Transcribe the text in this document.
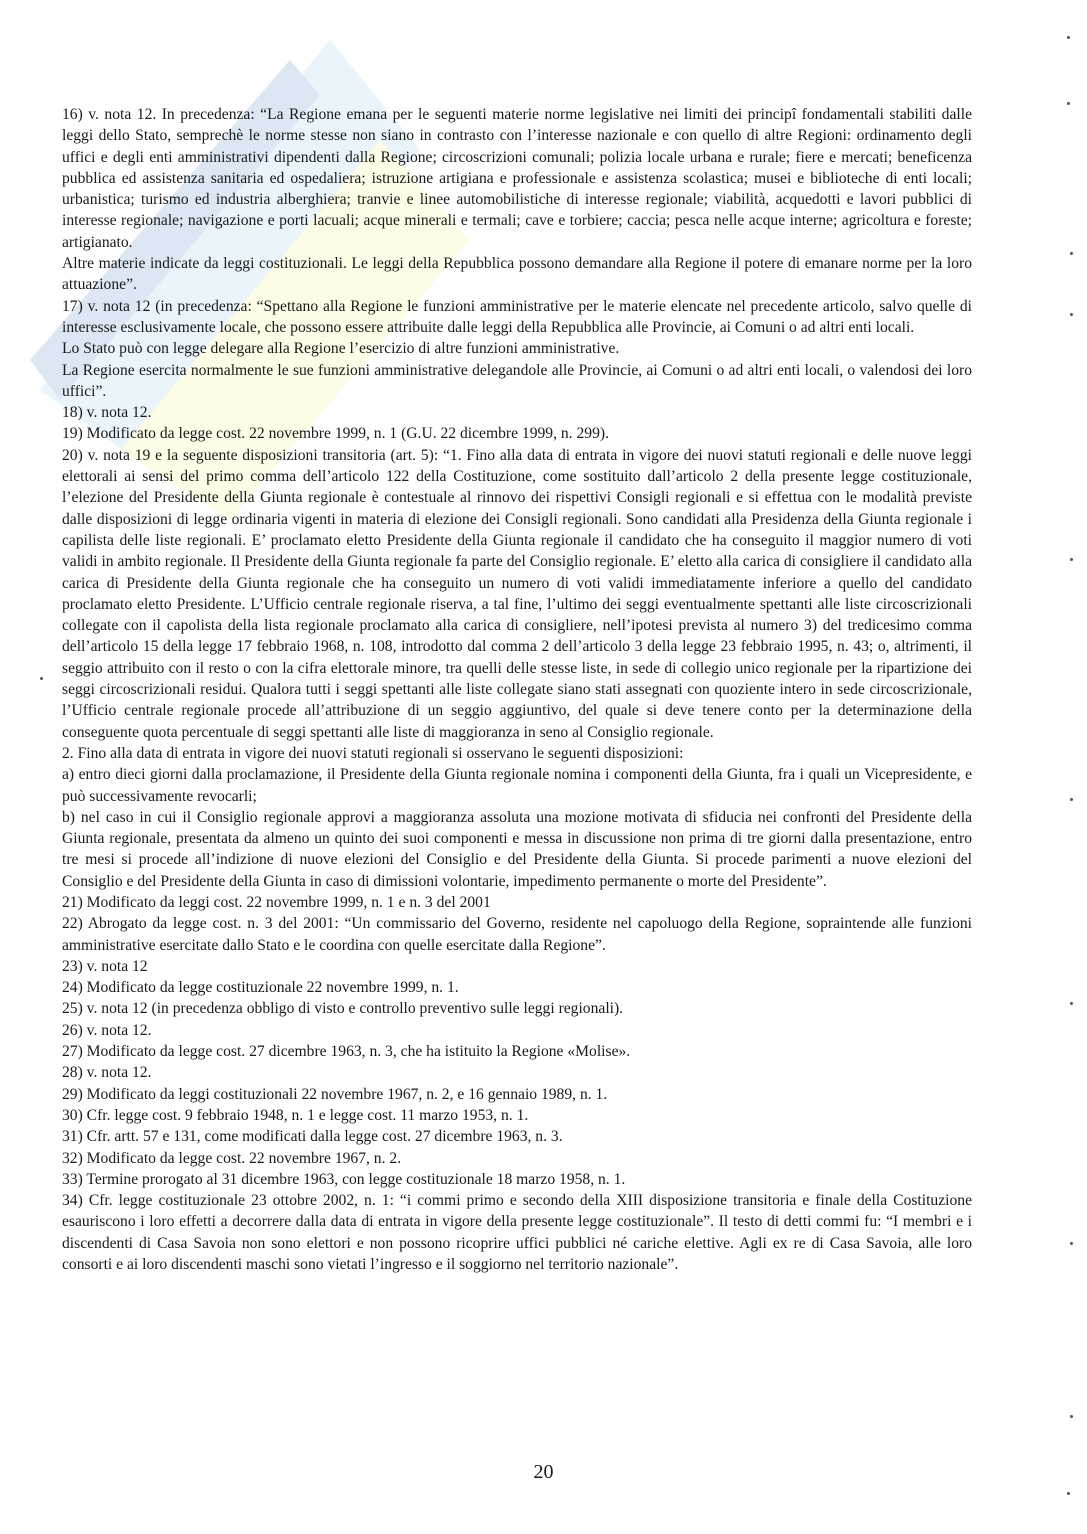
16) v. nota 12. In precedenza: “La Regione emana per le seguenti materie norme legislative nei limiti dei principî fondamentali stabiliti dalle leggi dello Stato, semprechè le norme stesse non siano in contrasto con l’interesse nazionale e con quello di altre Regioni: ordinamento degli uffici e degli enti amministrativi dipendenti dalla Regione; circoscrizioni comunali; polizia locale urbana e rurale; fiere e mercati; beneficenza pubblica ed assistenza sanitaria ed ospedaliera; istruzione artigiana e professionale e assistenza scolastica; musei e biblioteche di enti locali; urbanistica; turismo ed industria alberghiera; tranvie e linee automobilistiche di interesse regionale; viabilità, acquedotti e lavori pubblici di interesse regionale; navigazione e porti lacuali; acque minerali e termali; cave e torbiere; caccia; pesca nelle acque interne; agricoltura e foreste; artigianato.

Altre materie indicate da leggi costituzionali. Le leggi della Repubblica possono demandare alla Regione il potere di emanare norme per la loro attuazione”.

17) v. nota 12 (in precedenza: “Spettano alla Regione le funzioni amministrative per le materie elencate nel precedente articolo, salvo quelle di interesse esclusivamente locale, che possono essere attribuite dalle leggi della Repubblica alle Provincie, ai Comuni o ad altri enti locali.

Lo Stato può con legge delegare alla Regione l’esercizio di altre funzioni amministrative.

La Regione esercita normalmente le sue funzioni amministrative delegandole alle Provincie, ai Comuni o ad altri enti locali, o valendosi dei loro uffici”.

18) v. nota 12.

19) Modificato da legge cost. 22 novembre 1999, n. 1 (G.U. 22 dicembre 1999, n. 299).

20) v. nota 19 e la seguente disposizioni transitoria (art. 5): “1. Fino alla data di entrata in vigore dei nuovi statuti regionali e delle nuove leggi elettorali ai sensi del primo comma dell’articolo 122 della Costituzione, come sostituito dall’articolo 2 della presente legge costituzionale, l’elezione del Presidente della Giunta regionale è contestuale al rinnovo dei rispettivi Consigli regionali e si effettua con le modalità previste dalle disposizioni di legge ordinaria vigenti in materia di elezione dei Consigli regionali. Sono candidati alla Presidenza della Giunta regionale i capilista delle liste regionali. E’ proclamato eletto Presidente della Giunta regionale il candidato che ha conseguito il maggior numero di voti validi in ambito regionale. Il Presidente della Giunta regionale fa parte del Consiglio regionale. E’ eletto alla carica di consigliere il candidato alla carica di Presidente della Giunta regionale che ha conseguito un numero di voti validi immediatamente inferiore a quello del candidato proclamato eletto Presidente. L’Ufficio centrale regionale riserva, a tal fine, l’ultimo dei seggi eventualmente spettanti alle liste circoscrizionali collegate con il capolista della lista regionale proclamato alla carica di consigliere, nell’ipotesi prevista al numero 3) del tredicesimo comma dell’articolo 15 della legge 17 febbraio 1968, n. 108, introdotto dal comma 2 dell’articolo 3 della legge 23 febbraio 1995, n. 43; o, altrimenti, il seggio attribuito con il resto o con la cifra elettorale minore, tra quelli delle stesse liste, in sede di collegio unico regionale per la ripartizione dei seggi circoscrizionali residui. Qualora tutti i seggi spettanti alle liste collegate siano stati assegnati con quoziente intero in sede circoscrizionale, l’Ufficio centrale regionale procede all’attribuzione di un seggio aggiuntivo, del quale si deve tenere conto per la determinazione della conseguente quota percentuale di seggi spettanti alle liste di maggioranza in seno al Consiglio regionale.

2. Fino alla data di entrata in vigore dei nuovi statuti regionali si osservano le seguenti disposizioni:

a) entro dieci giorni dalla proclamazione, il Presidente della Giunta regionale nomina i componenti della Giunta, fra i quali un Vicepresidente, e può successivamente revocarli;

b) nel caso in cui il Consiglio regionale approvi a maggioranza assoluta una mozione motivata di sfiducia nei confronti del Presidente della Giunta regionale, presentata da almeno un quinto dei suoi componenti e messa in discussione non prima di tre giorni dalla presentazione, entro tre mesi si procede all’indizione di nuove elezioni del Consiglio e del Presidente della Giunta. Si procede parimenti a nuove elezioni del Consiglio e del Presidente della Giunta in caso di dimissioni volontarie, impedimento permanente o morte del Presidente”.

21) Modificato da leggi cost. 22 novembre 1999, n. 1 e n. 3 del 2001

22) Abrogato da legge cost. n. 3 del 2001: “Un commissario del Governo, residente nel capoluogo della Regione, sopraintende alle funzioni amministrative esercitate dallo Stato e le coordina con quelle esercitate dalla Regione”.

23) v. nota 12

24) Modificato da legge costituzionale 22 novembre 1999, n. 1.

25) v. nota 12 (in precedenza obbligo di visto e controllo preventivo sulle leggi regionali).

26) v. nota 12.

27) Modificato da legge cost. 27 dicembre 1963, n. 3, che ha istituito la Regione «Molise».

28) v. nota 12.

29) Modificato da leggi costituzionali 22 novembre 1967, n. 2, e 16 gennaio 1989, n. 1.

30) Cfr. legge cost. 9 febbraio 1948, n. 1 e legge cost. 11 marzo 1953, n. 1.

31) Cfr. artt. 57 e 131, come modificati dalla legge cost. 27 dicembre 1963, n. 3.

32) Modificato da legge cost. 22 novembre 1967, n. 2.

33) Termine prorogato al 31 dicembre 1963, con legge costituzionale 18 marzo 1958, n. 1.

34) Cfr. legge costituzionale 23 ottobre 2002, n. 1: “i commi primo e secondo della XIII disposizione transitoria e finale della Costituzione esauriscono i loro effetti a decorrere dalla data di entrata in vigore della presente legge costituzionale”. Il testo di detti commi fu: “I membri e i discendenti di Casa Savoia non sono elettori e non possono ricoprire uffici pubblici né cariche elettive. Agli ex re di Casa Savoia, alle loro consorti e ai loro discendenti maschi sono vietati l’ingresso e il soggiorno nel territorio nazionale”.

20
